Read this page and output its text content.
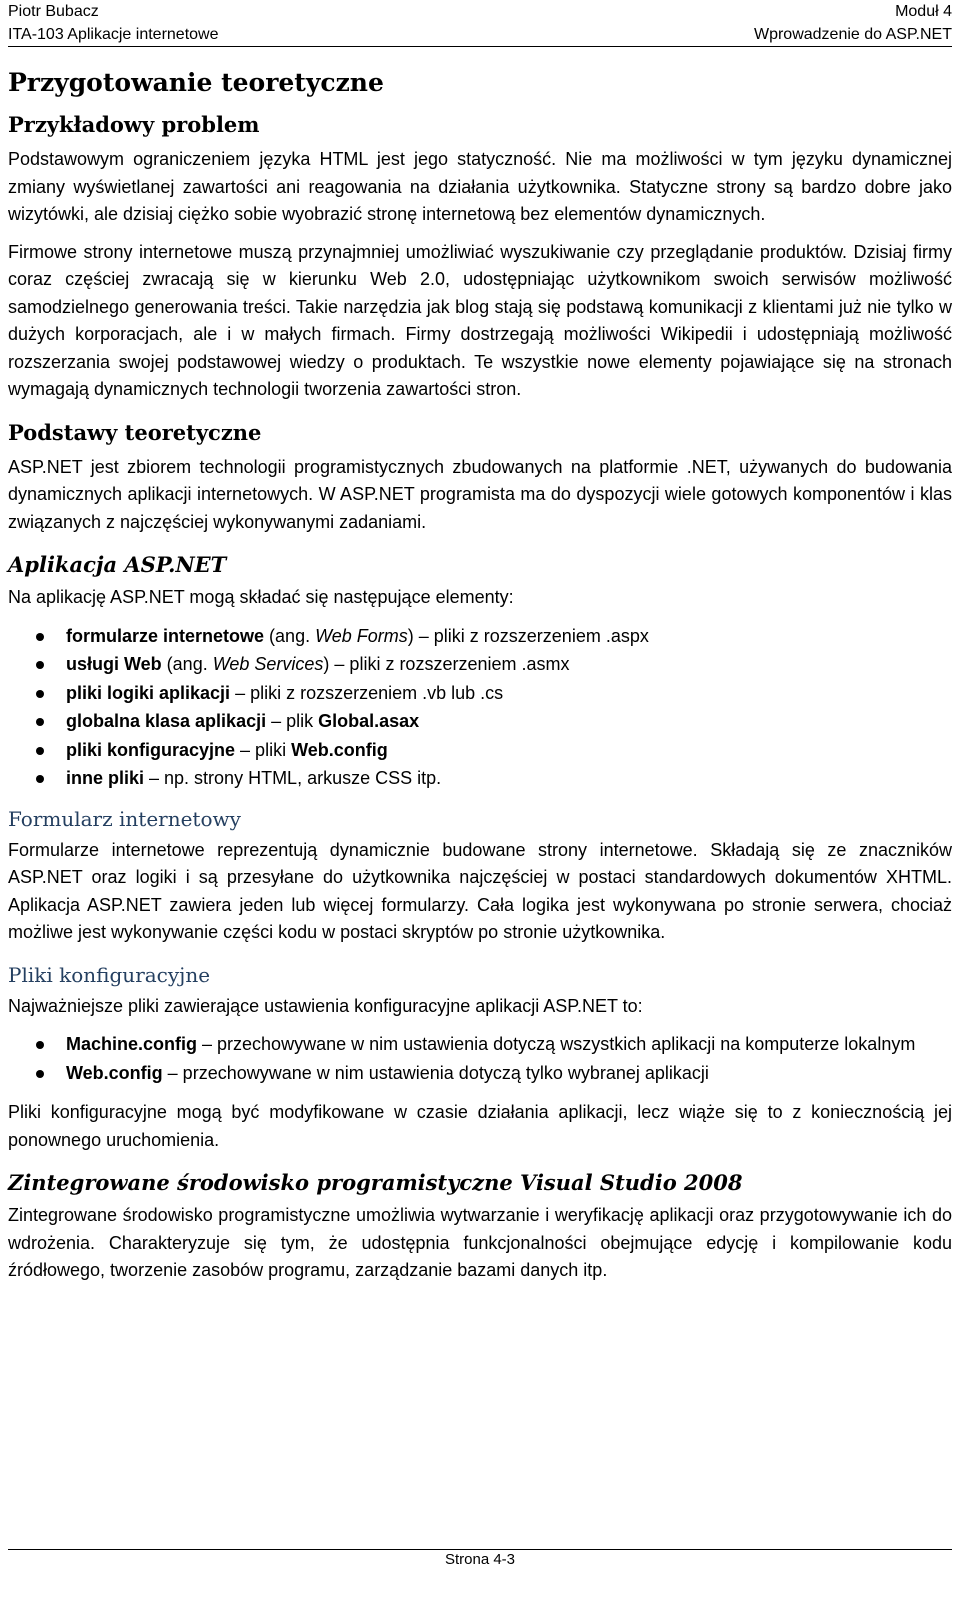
Piotr Bubacz
ITA-103 Aplikacje internetowe
Moduł 4
Wprowadzenie do ASP.NET
Przygotowanie teoretyczne
Przykładowy problem

Podstawowym ograniczeniem języka HTML jest jego statyczność. Nie ma możliwości w tym języku dynamicznej zmiany wyświetlanej zawartości ani reagowania na działania użytkownika. Statyczne strony są bardzo dobre jako wizytówki, ale dzisiaj ciężko sobie wyobrazić stronę internetową bez elementów dynamicznych.

Firmowe strony internetowe muszą przynajmniej umożliwiać wyszukiwanie czy przeglądanie produktów. Dzisiaj firmy coraz częściej zwracają się w kierunku Web 2.0, udostępniając użytkownikom swoich serwisów możliwość samodzielnego generowania treści. Takie narzędzia jak blog stają się podstawą komunikacji z klientami już nie tylko w dużych korporacjach, ale i w małych firmach. Firmy dostrzegają możliwości Wikipedii i udostępniają możliwość rozszerzania swojej podstawowej wiedzy o produktach. Te wszystkie nowe elementy pojawiające się na stronach wymagają dynamicznych technologii tworzenia zawartości stron.

Podstawy teoretyczne

ASP.NET jest zbiorem technologii programistycznych zbudowanych na platformie .NET, używanych do budowania dynamicznych aplikacji internetowych. W ASP.NET programista ma do dyspozycji wiele gotowych komponentów i klas związanych z najczęściej wykonywanymi zadaniami.

Aplikacja ASP.NET

Na aplikację ASP.NET mogą składać się następujące elementy:

formularze internetowe (ang. Web Forms) – pliki z rozszerzeniem .aspx
usługi Web (ang. Web Services) – pliki z rozszerzeniem .asmx
pliki logiki aplikacji – pliki z rozszerzeniem .vb lub .cs
globalna klasa aplikacji – plik Global.asax
pliki konfiguracyjne – pliki Web.config
inne pliki – np. strony HTML, arkusze CSS itp.
Formularz internetowy

Formularze internetowe reprezentują dynamicznie budowane strony internetowe. Składają się ze znaczników ASP.NET oraz logiki i są przesyłane do użytkownika najczęściej w postaci standardowych dokumentów XHTML. Aplikacja ASP.NET zawiera jeden lub więcej formularzy. Cała logika jest wykonywana po stronie serwera, chociaż możliwe jest wykonywanie części kodu w postaci skryptów po stronie użytkownika.

Pliki konfiguracyjne

Najważniejsze pliki zawierające ustawienia konfiguracyjne aplikacji ASP.NET to:

Machine.config – przechowywane w nim ustawienia dotyczą wszystkich aplikacji na komputerze lokalnym
Web.config – przechowywane w nim ustawienia dotyczą tylko wybranej aplikacji

Pliki konfiguracyjne mogą być modyfikowane w czasie działania aplikacji, lecz wiąże się to z koniecznością jej ponownego uruchomienia.

Zintegrowane środowisko programistyczne Visual Studio 2008

Zintegrowane środowisko programistyczne umożliwia wytwarzanie i weryfikację aplikacji oraz przygotowywanie ich do wdrożenia. Charakteryzuje się tym, że udostępnia funkcjonalności obejmujące edycję i kompilowanie kodu źródłowego, tworzenie zasobów programu, zarządzanie bazami danych itp.

Strona 4-3
